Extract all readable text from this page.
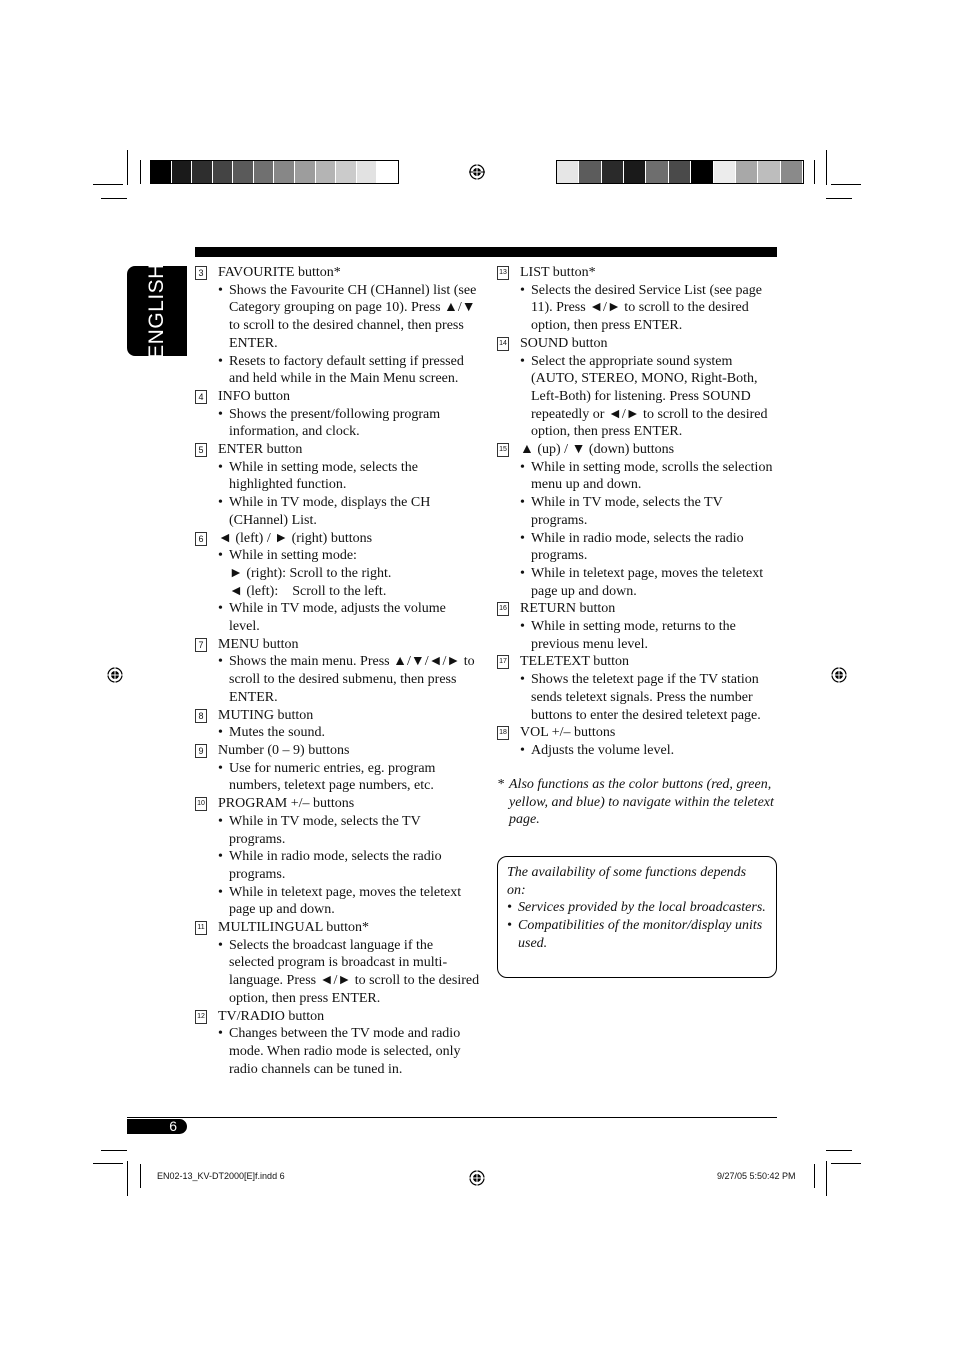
ENGLISH	3 FAVOURITE button*
• Shows the Favourite CH (CHannel) list (see Category grouping on page 10). Press ▲/▼ to scroll to the desired channel, then press ENTER.
• Resets to factory default setting if pressed and held while in the Main Menu screen.
4 INFO button
• Shows the present/following program information, and clock.
5 ENTER button
• While in setting mode, selects the highlighted function.
• While in TV mode, displays the CH (CHannel) List.
6 ◄ (left) / ► (right) buttons
• While in setting mode:
► (right): Scroll to the right.
◄ (left):    Scroll to the left.
• While in TV mode, adjusts the volume level.
7 MENU button
• Shows the main menu. Press ▲/▼/◄/► to scroll to the desired submenu, then press ENTER.
8 MUTING button
• Mutes the sound.
9 Number (0 – 9) buttons
• Use for numeric entries, eg. program numbers, teletext page numbers, etc.
10 PROGRAM +/– buttons
• While in TV mode, selects the TV programs.
• While in radio mode, selects the radio programs.
• While in teletext page, moves the teletext page up and down.
11 MULTILINGUAL button*
• Selects the broadcast language if the selected program is broadcast in multi-language. Press ◄/► to scroll to the desired option, then press ENTER.
12 TV/RADIO button
• Changes between the TV mode and radio mode. When radio mode is selected, only radio channels can be tuned in.
13 LIST button*
• Selects the desired Service List (see page 11). Press ◄/► to scroll to the desired option, then press ENTER.
14 SOUND button
• Select the appropriate sound system (AUTO, STEREO, MONO, Right-Both, Left-Both) for listening. Press SOUND repeatedly or ◄/► to scroll to the desired option, then press ENTER.
15 ▲ (up) / ▼ (down) buttons
• While in setting mode, scrolls the selection menu up and down.
• While in TV mode, selects the TV programs.
• While in radio mode, selects the radio programs.
• While in teletext page, moves the teletext page up and down.
16 RETURN button
• While in setting mode, returns to the previous menu level.
17 TELETEXT button
• Shows the teletext page if the TV station sends teletext signals. Press the number buttons to enter the desired teletext page.
18 VOL +/– buttons
• Adjusts the volume level.
* Also functions as the color buttons (red, green, yellow, and blue) to navigate within the teletext page.
The availability of some functions depends on:
• Services provided by the local broadcasters.
• Compatibilities of the monitor/display units used.
6
EN02-13_KV-DT2000[E]f.indd 6	9/27/05 5:50:42 PM
